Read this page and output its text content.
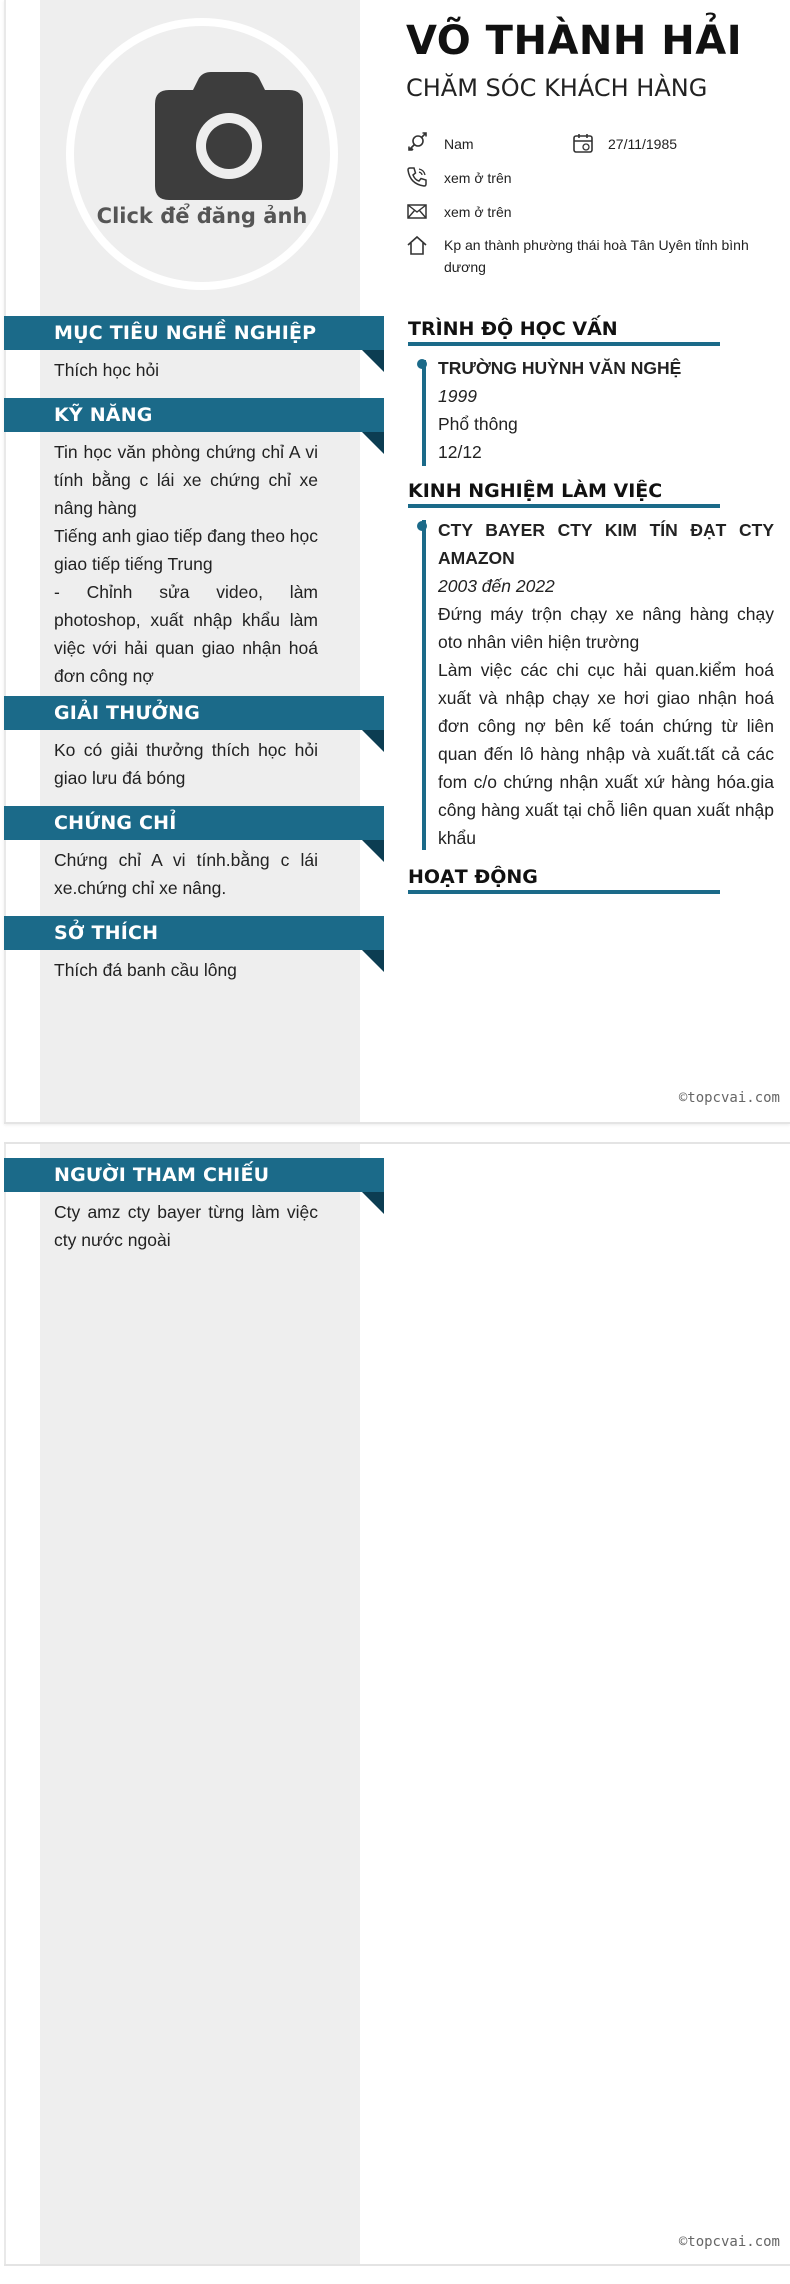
Click để đăng ảnh
MỤC TIÊU NGHỀ NGHIỆP
Thích học hỏi
KỸ NĂNG
Tin học văn phòng chứng chỉ A vi tính bằng c lái xe chứng chỉ xe nâng hàng
Tiếng anh giao tiếp đang theo học giao tiếp tiếng Trung
- Chỉnh sửa video, làm photoshop, xuất nhập khẩu làm việc với hải quan giao nhận hoá đơn công nợ
GIẢI THƯỞNG
Ko có giải thưởng thích học hỏi giao lưu đá bóng
CHỨNG CHỈ
Chứng chỉ A vi tính.bằng c lái xe.chứng chỉ xe nâng.
SỞ THÍCH
Thích đá banh cầu lông
VÕ THÀNH HẢI
CHĂM SÓC KHÁCH HÀNG
Nam	27/11/1985
xem ở trên
xem ở trên
Kp an thành phường thái hoà Tân Uyên tỉnh bình dương
TRÌNH ĐỘ HỌC VẤN
TRƯỜNG HUỲNH VĂN NGHỆ
1999
Phổ thông
12/12
KINH NGHIỆM LÀM VIỆC
CTY BAYER CTY KIM TÍN ĐẠT CTY AMAZON
2003 đến 2022
Đứng máy trộn chạy xe nâng hàng chạy oto nhân viên hiện trường
Làm việc các chi cục hải quan.kiểm hoá xuất và nhập chạy xe hơi giao nhận hoá đơn công nợ bên kế toán chứng từ liên quan đến lô hàng nhập và xuất.tất cả các fom c/o chứng nhận xuất xứ hàng hóa.gia công hàng xuất tại chỗ liên quan xuất nhập khẩu
HOẠT ĐỘNG
©topcvai.com
NGƯỜI THAM CHIẾU
Cty amz cty bayer từng làm việc cty nước ngoài
©topcvai.com
